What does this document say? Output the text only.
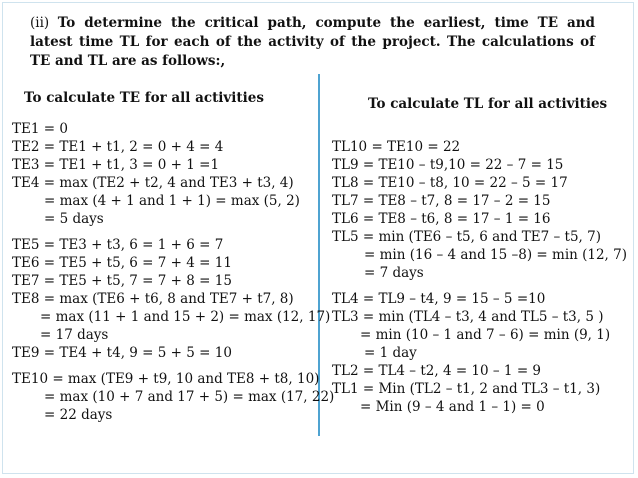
(ii) To determine the critical path, compute the earliest, time TE and latest time TL for each of the activity of the project. The calculations of TE and TL are as follows:,
To calculate TE for all activities	To calculate TL for all activities
TE1 = 0
TE2 = TE1 + t1, 2 = 0 + 4 = 4
TE3 = TE1 + t1, 3 = 0 + 1 =1
TE4 = max (TE2 + t2, 4 and TE3 + t3, 4)
= max (4 + 1 and 1 + 1) = max (5, 2)
= 5 days
TE5 = TE3 + t3, 6 = 1 + 6 = 7
TE6 = TE5 + t5, 6 = 7 + 4 = 11
TE7 = TE5 + t5, 7 = 7 + 8 = 15
TE8 = max (TE6 + t6, 8 and TE7 + t7, 8)
= max (11 + 1 and 15 + 2) = max (12, 17)
= 17 days
TE9 = TE4 + t4, 9 = 5 + 5 = 10
TE10 = max (TE9 + t9, 10 and TE8 + t8, 10)
= max (10 + 7 and 17 + 5) = max (17, 22)
= 22 days
TL10 = TE10 = 22
TL9 = TE10 – t9,10 = 22 – 7 = 15
TL8 = TE10 – t8, 10 = 22 – 5 = 17
TL7 = TE8 – t7, 8 = 17 – 2 = 15
TL6 = TE8 – t6, 8 = 17 – 1 = 16
TL5 = min (TE6 – t5, 6 and TE7 – t5, 7)
= min (16 – 4 and 15 –8) = min (12, 7)
= 7 days
TL4 = TL9 – t4, 9 = 15 – 5 =10
TL3 = min (TL4 – t3, 4 and TL5 – t3, 5 )
= min (10 – 1 and 7 – 6) = min (9, 1)
= 1 day
TL2 = TL4 – t2, 4 = 10 – 1 = 9
TL1 = Min (TL2 – t1, 2 and TL3 – t1, 3)
= Min (9 – 4 and 1 – 1) = 0
